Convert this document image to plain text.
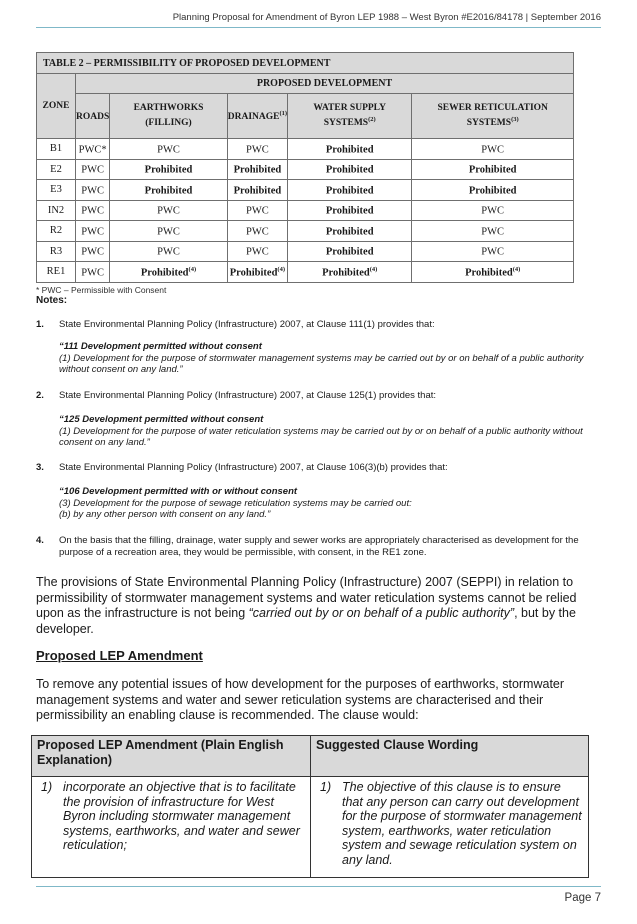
Planning Proposal for Amendment of Byron LEP 1988 – West Byron #E2016/84178 | September 2016
TABLE 2 – PERMISSIBILITY OF PROPOSED DEVELOPMENT					
ZONE	PROPOSED DEVELOPMENT				
	ROADS	EARTHWORKS (FILLING)	DRAINAGE$^{(1)}$	WATER SUPPLY SYSTEMS$^{(2)}$	SEWER RETICULATION SYSTEMS$^{(3)}$
B1	PWC*	PWC	PWC	Prohibited	PWC
E2	PWC	Prohibited	Prohibited	Prohibited	Prohibited
E3	PWC	Prohibited	Prohibited	Prohibited	Prohibited
IN2	PWC	PWC	PWC	Prohibited	PWC
R2	PWC	PWC	PWC	Prohibited	PWC
R3	PWC	PWC	PWC	Prohibited	PWC
RE1	PWC	Prohibited$^{(4)}$	Prohibited$^{(4)}$	Prohibited$^{(4)}$	Prohibited$^{(4)}$
* PWC – Permissible with Consent
Notes:
1. State Environmental Planning Policy (Infrastructure) 2007, at Clause 111(1) provides that:
“111 Development permitted without consent
(1) Development for the purpose of stormwater management systems may be carried out by or on behalf of a public authority without consent on any land.”
2. State Environmental Planning Policy (Infrastructure) 2007, at Clause 125(1) provides that:
“125 Development permitted without consent
(1) Development for the purpose of water reticulation systems may be carried out by or on behalf of a public authority without consent on any land.”
3. State Environmental Planning Policy (Infrastructure) 2007, at Clause 106(3)(b) provides that:
“106 Development permitted with or without consent
(3) Development for the purpose of sewage reticulation systems may be carried out:
(b) by any other person with consent on any land.”
4. On the basis that the filling, drainage, water supply and sewer works are appropriately characterised as development for the purpose of a recreation area, they would be permissible, with consent, in the RE1 zone.
The provisions of State Environmental Planning Policy (Infrastructure) 2007 (SEPPI) in relation to permissibility of stormwater management systems and water reticulation systems cannot be relied upon as the infrastructure is not being “carried out by or on behalf of a public authority”, but by the developer.
Proposed LEP Amendment
To remove any potential issues of how development for the purposes of earthworks, stormwater management systems and water and sewer reticulation systems are characterised and their permissibility an enabling clause is recommended. The clause would:
Proposed LEP Amendment (Plain English Explanation)	Suggested Clause Wording

1) incorporate an objective that is to facilitate the provision of infrastructure for West Byron including stormwater management systems, earthworks, and water and sewer reticulation;	1) The objective of this clause is to ensure that any person can carry out development for the purpose of stormwater management system, earthworks, water reticulation system and sewage reticulation system on any land.
Page 7
